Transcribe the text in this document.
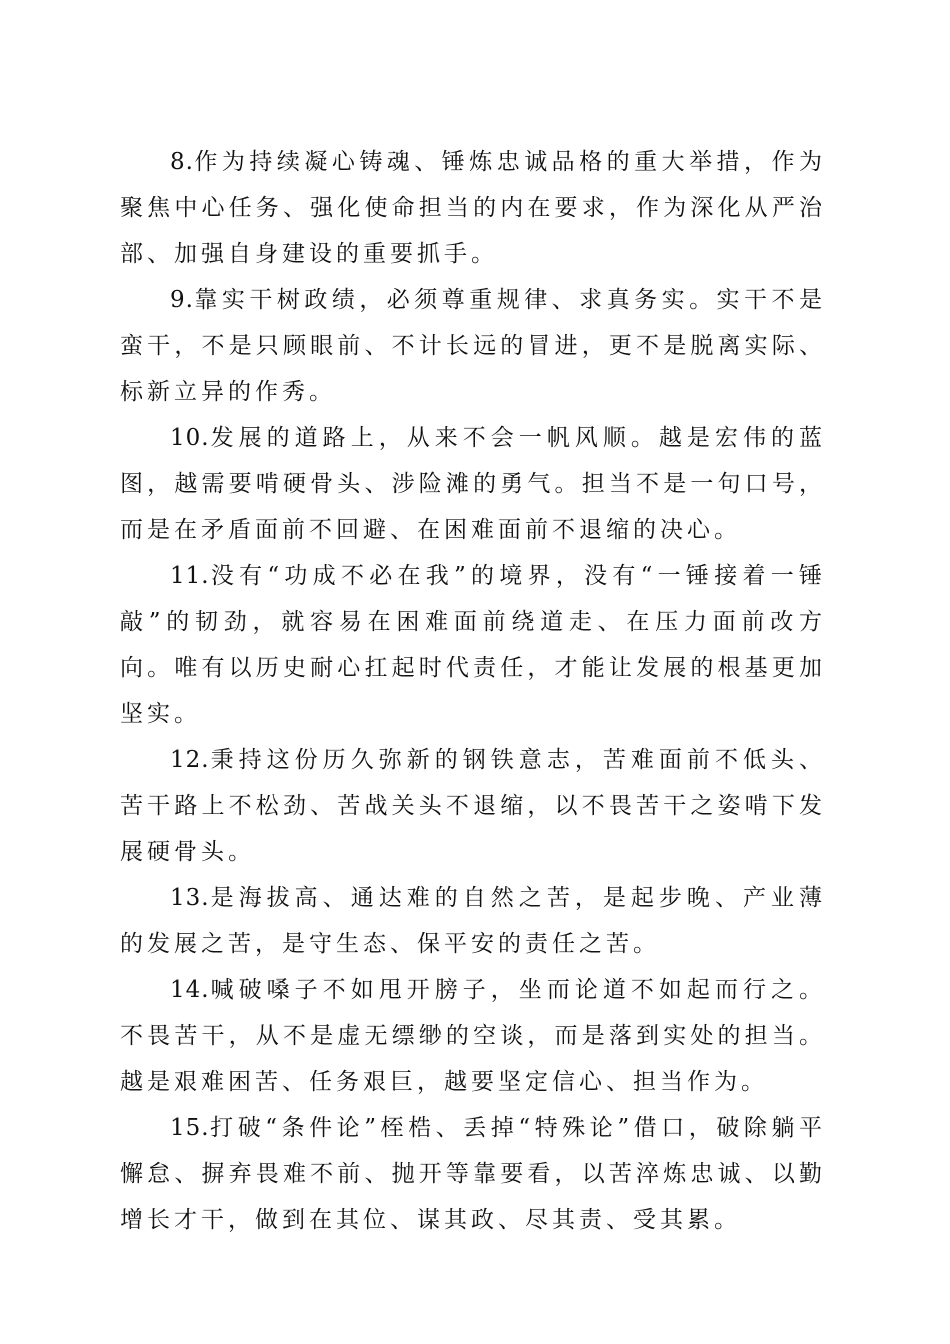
8.作为持续凝心铸魂、锤炼忠诚品格的重大举措，作为聚焦中心任务、强化使命担当的内在要求，作为深化从严治部、加强自身建设的重要抓手。

9.靠实干树政绩，必须尊重规律、求真务实。实干不是蛮干，不是只顾眼前、不计长远的冒进，更不是脱离实际、标新立异的作秀。

10.发展的道路上，从来不会一帆风顺。越是宏伟的蓝图，越需要啃硬骨头、涉险滩的勇气。担当不是一句口号，而是在矛盾面前不回避、在困难面前不退缩的决心。

11.没有“功成不必在我”的境界，没有“一锤接着一锤敲”的韧劲，就容易在困难面前绕道走、在压力面前改方向。唯有以历史耐心扛起时代责任，才能让发展的根基更加坚实。

12.秉持这份历久弥新的钢铁意志，苦难面前不低头、苦干路上不松劲、苦战关头不退缩，以不畏苦干之姿啃下发展硬骨头。

13.是海拔高、通达难的自然之苦，是起步晚、产业薄的发展之苦，是守生态、保平安的责任之苦。

14.喊破嗓子不如甩开膀子，坐而论道不如起而行之。不畏苦干，从不是虚无缥缈的空谈，而是落到实处的担当。越是艰难困苦、任务艰巨，越要坚定信心、担当作为。

15.打破“条件论”桎梏、丢掉“特殊论”借口，破除躺平懈怠、摒弃畏难不前、抛开等靠要看，以苦淬炼忠诚、以勤增长才干，做到在其位、谋其政、尽其责、受其累。
